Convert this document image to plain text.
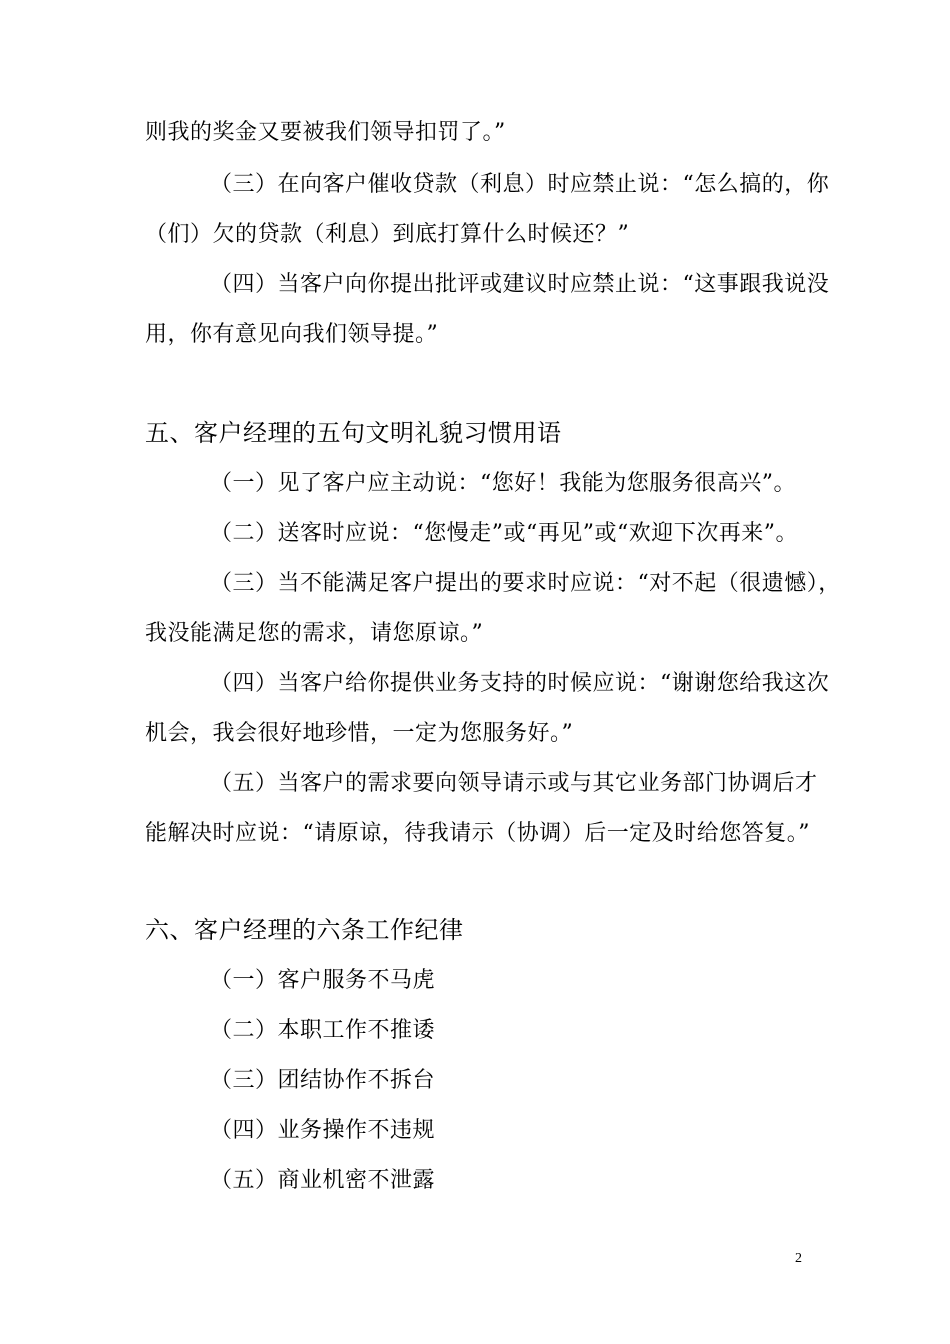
则我的奖金又要被我们领导扣罚了。”
（三）在向客户催收贷款（利息）时应禁止说：“怎么搞的，你
（们）欠的贷款（利息）到底打算什么时候还？”
（四）当客户向你提出批评或建议时应禁止说：“这事跟我说没
用，你有意见向我们领导提。”
五、客户经理的五句文明礼貌习惯用语
（一）见了客户应主动说：“您好！我能为您服务很高兴”。
（二）送客时应说：“您慢走”或“再见”或“欢迎下次再来”。
（三）当不能满足客户提出的要求时应说：“对不起（很遗憾），
我没能满足您的需求，请您原谅。”
（四）当客户给你提供业务支持的时候应说：“谢谢您给我这次
机会，我会很好地珍惜，一定为您服务好。”
（五）当客户的需求要向领导请示或与其它业务部门协调后才
能解决时应说：“请原谅，待我请示（协调）后一定及时给您答复。”
六、客户经理的六条工作纪律
（一）客户服务不马虎
（二）本职工作不推诿
（三）团结协作不拆台
（四）业务操作不违规
（五）商业机密不泄露
2
